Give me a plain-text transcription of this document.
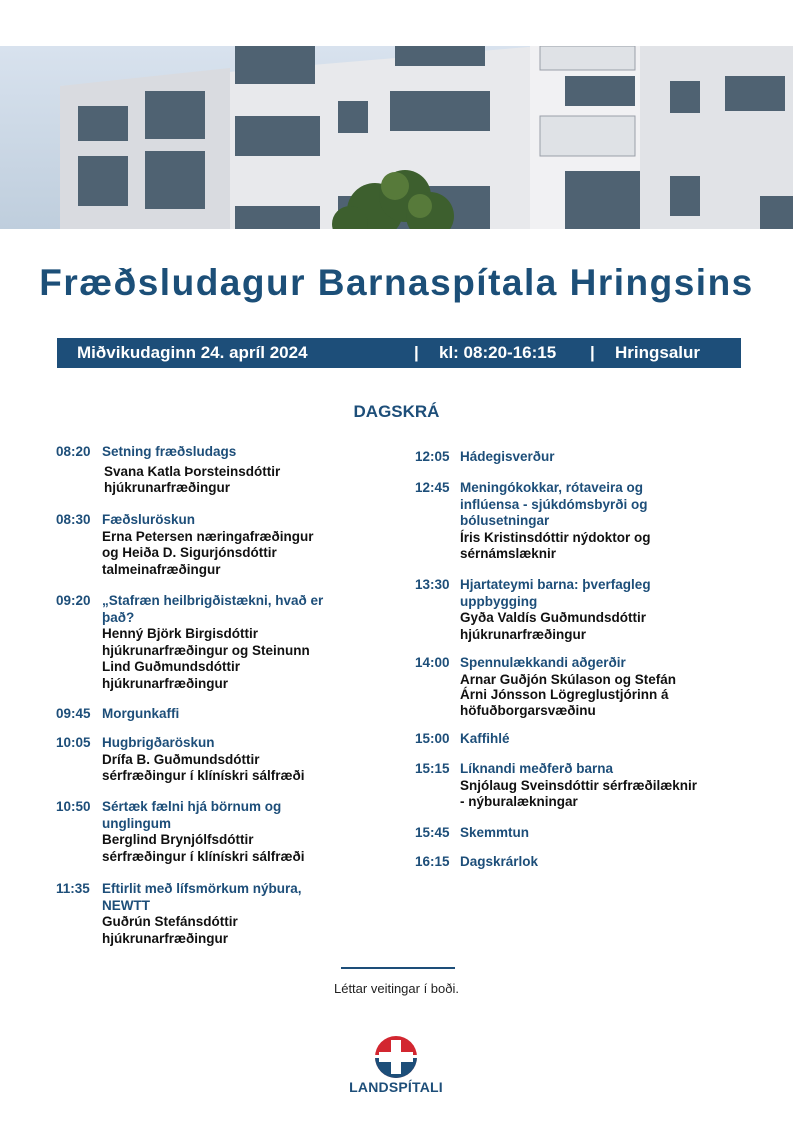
Fræðsludagur Barnaspítala Hringsins
Miðvikudaginn 24. apríl 2024	| kl: 08:20-16:15 | Hringsalur
DAGSKRÁ
08:20 Setning fræðsludags
Svana Katla Þorsteinsdóttir hjúkrunarfræðingur
08:30 Fæðsluröskun
Erna Petersen næringafræðingur og Heiða D. Sigurjónsdóttir talmeinafræðingur
09:20 „Stafræn heilbrigðistækni, hvað er það?
Henný Björk Birgisdóttir hjúkrunarfræðingur og Steinunn Lind Guðmundsdóttir hjúkrunarfræðingur
09:45 Morgunkaffi
10:05 Hugbrigðaröskun
Drífa B. Guðmundsdóttir sérfræðingur í klínískri sálfræði
10:50 Sértæk fælni hjá börnum og unglingum
Berglind Brynjólfsdóttir sérfræðingur í klínískri sálfræði
11:35 Eftirlit með lífsmörkum nýbura, NEWTT
Guðrún Stefánsdóttir hjúkrunarfræðingur
12:05 Hádegisverður
12:45 Meningókokkar, rótaveira og inflúensa - sjúkdómsbyrði og bólusetningar
Íris Kristinsdóttir nýdoktor og sérnámslæknir
13:30 Hjartateymi barna: þverfagleg uppbygging
Gyða Valdís Guðmundsdóttir hjúkrunarfræðingur
14:00 Spennulækkandi aðgerðir
Arnar Guðjón Skúlason og Stefán Árni Jónsson Lögreglustjórinn á höfuðborgarsvæðinu
15:00 Kaffihlé
15:15 Líknandi meðferð barna
Snjólaug Sveinsdóttir sérfræðilæknir - nýburalækningar
15:45 Skemmtun
16:15 Dagskrárlok
Léttar veitingar í boði.
LANDSPÍTALI
